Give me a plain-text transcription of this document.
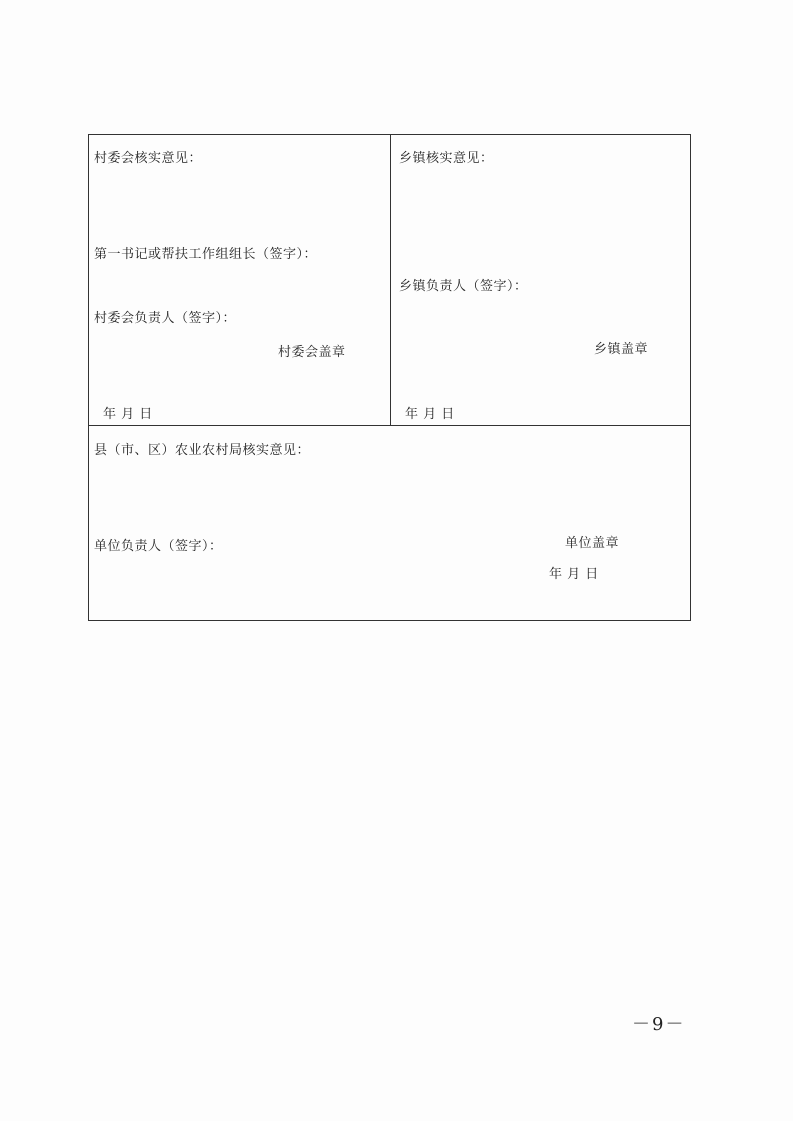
村委会核实意见：
第一书记或帮扶工作组组长（签字）：
村委会负责人（签字）：
村委会盖章
年 月 日
乡镇核实意见：
乡镇负责人（签字）：
乡镇盖章
年 月 日
县（市、区）农业农村局核实意见：
单位负责人（签字）：	单位盖章
年 月 日
－9－
